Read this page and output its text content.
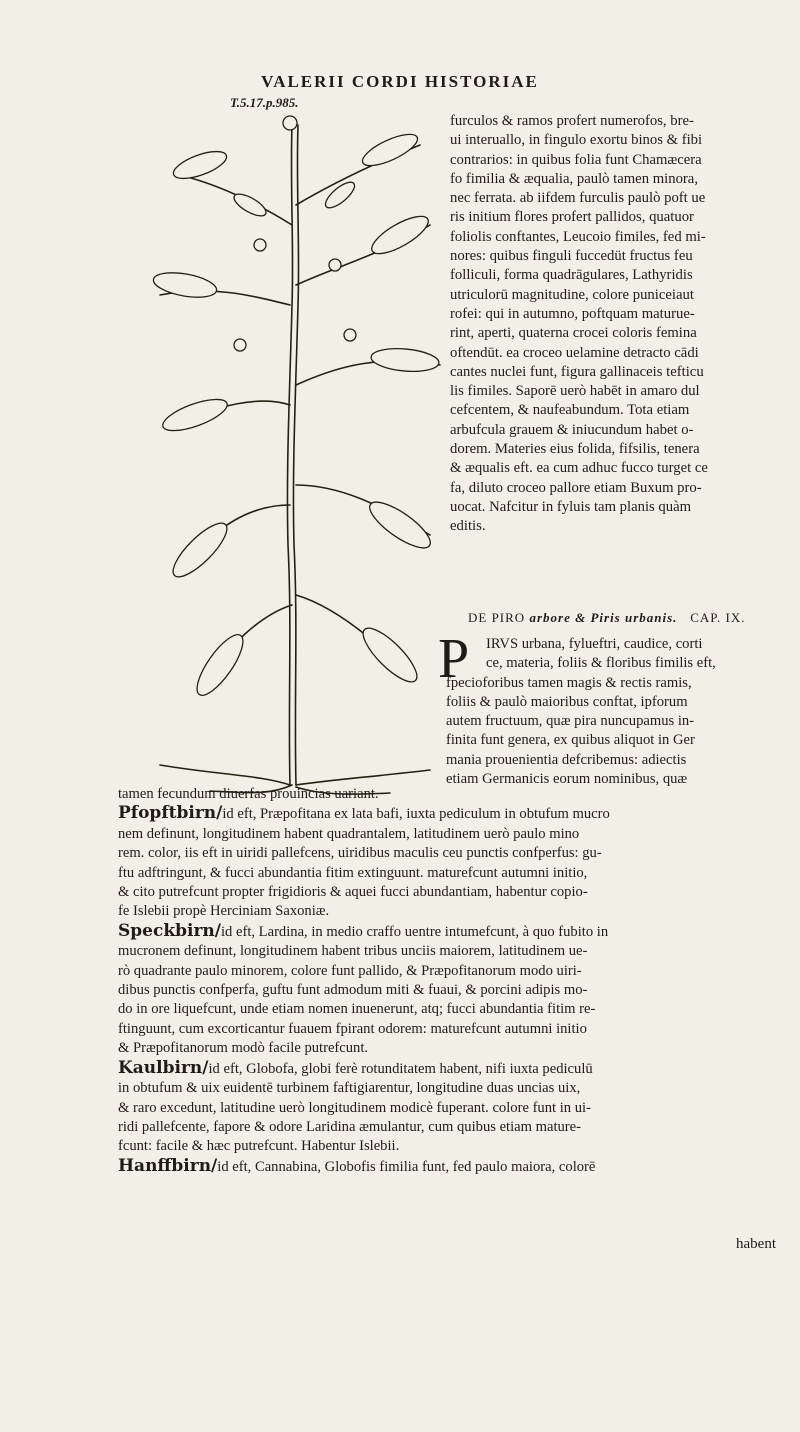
VALERII CORDI HISTORIAE
T.5.17.p.985.
furculos & ramos profert numerofos, bre-
ui interuallo, in fingulo exortu binos & fibi
contrarios: in quibus folia funt Chamæcera
fo fimilia & æqualia, paulò tamen minora,
nec ferrata. ab iifdem furculis paulò poft ue
ris initium flores profert pallidos, quatuor
foliolis conftantes, Leucoio fimiles, fed mi-
nores: quibus finguli fuccedüt fructus feu
folliculi, forma quadrāgulares, Lathyridis
utriculorū magnitudine, colore puniceiaut
rofei: qui in autumno, poftquam maturue-
rint, aperti, quaterna crocei coloris femina
oftendūt. ea croceo uelamine detracto cādi
cantes nuclei funt, figura gallinaceis tefticu
lis fimiles. Saporē uerò habēt in amaro dul
cefcentem, & naufeabundum. Tota etiam
arbufcula grauem & iniucundum habet o-
dorem. Materies eius folida, fifsilis, tenera
& æqualis eft. ea cum adhuc fucco turget ce
fa, diluto croceo pallore etiam Buxum pro-
uocat. Nafcitur in fyluis tam planis quàm
editis.
DE PIRO arbore & Piris urbanis. CAP. IX.
P IRVS urbana, fylueftri, caudice, corti
ce, materia, foliis & floribus fimilis eft,
fpecioforibus tamen magis & rectis ramis,
foliis & paulò maioribus conftat, ipforum
autem fructuum, quæ pira nuncupamus in-
finita funt genera, ex quibus aliquot in Ger
mania prouenientia defcribemus: adiectis
etiam Germanicis eorum nominibus, quæ
tamen fecundum diuerfas prouincias uariant.
Pfopftbirn/id eft, Præpofitana ex lata bafi, iuxta pediculum in obtufum mucro
nem definunt, longitudinem habent quadrantalem, latitudinem uerò paulo mino
rem. color, iis eft in uiridi pallefcens, uiridibus maculis ceu punctis confperfus: gu-
ftu adftringunt, & fucci abundantia fitim extinguunt. maturefcunt autumni initio,
& cito putrefcunt propter frigidioris & aquei fucci abundantiam, habentur copio-
fe Islebii propè Herciniam Saxoniæ.
Speckbirn/id eft, Lardina, in medio craffo uentre intumefcunt, à quo fubito in
mucronem definunt, longitudinem habent tribus unciis maiorem, latitudinem ue-
rò quadrante paulo minorem, colore funt pallido, & Præpofitanorum modo uiri-
dibus punctis confperfa, guftu funt admodum miti & fuaui, & porcini adipis mo-
do in ore liquefcunt, unde etiam nomen inuenerunt, atq; fucci abundantia fitim re-
ftinguunt, cum excorticantur fuauem fpirant odorem: maturefcunt autumni initio
& Præpofitanorum modò facile putrefcunt.
Kaulbirn/id eft, Globofa, globi ferè rotunditatem habent, nifi iuxta pediculū
in obtufum & uix euidentē turbinem faftigiarentur, longitudine duas uncias uix,
& raro excedunt, latitudine uerò longitudinem modicè fuperant. colore funt in ui-
ridi pallefcente, fapore & odore Laridina æmulantur, cum quibus etiam mature-
fcunt: facile & hæc putrefcunt. Habentur Islebii.
Hanffbirn/id eft, Cannabina, Globofis fimilia funt, fed paulo maiora, colorē
habent
